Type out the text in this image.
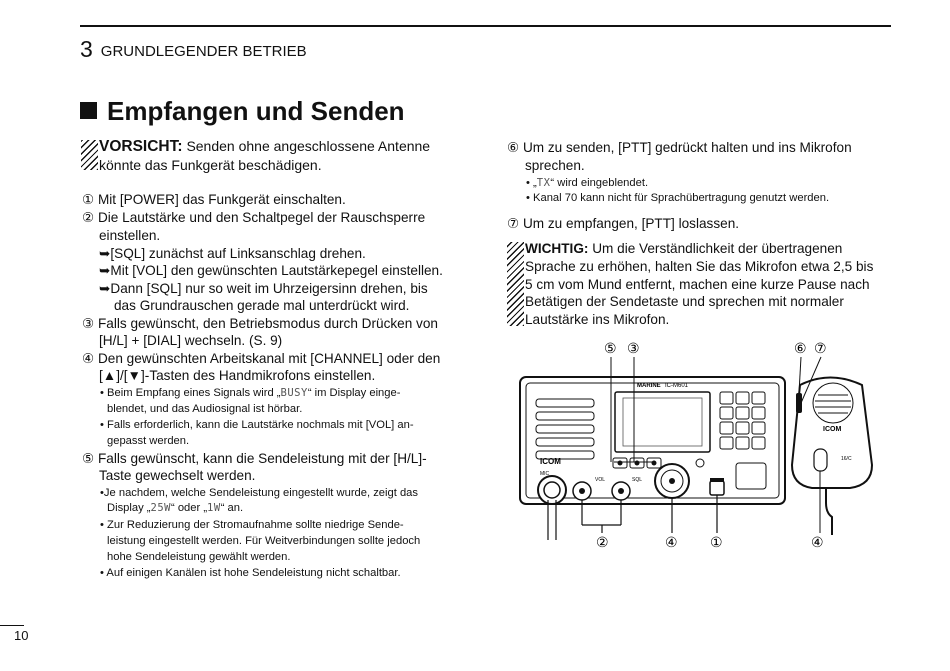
3 GRUNDLEGENDER BETRIEB
Empfangen und Senden
VORSICHT: Senden ohne angeschlossene Antenne
könnte das Funkgerät beschädigen.
① Mit [POWER] das Funkgerät einschalten.
② Die Lautstärke und den Schaltpegel der Rauschsperre
einstellen.
➥[SQL] zunächst auf Linksanschlag drehen.
➥Mit [VOL] den gewünschten Lautstärkepegel einstellen.
➥Dann [SQL] nur so weit im Uhrzeigersinn drehen, bis
das Grundrauschen gerade mal unterdrückt wird.
③ Falls gewünscht, den Betriebsmodus durch Drücken von
[H/L] + [DIAL] wechseln. (S. 9)
④ Den gewünschten Arbeitskanal mit [CHANNEL] oder den
[▲]/[▼]-Tasten des Handmikrofons einstellen.
• Beim Empfang eines Signals wird „BUSY“ im Display einge-
blendet, und das Audiosignal ist hörbar.
• Falls erforderlich, kann die Lautstärke nochmals mit [VOL] an-
gepasst werden.
⑤ Falls gewünscht, kann die Sendeleistung mit der [H/L]-
Taste gewechselt werden.
•Je nachdem, welche Sendeleistung eingestellt wurde, zeigt das
Display „25W“ oder „1W“ an.
• Zur Reduzierung der Stromaufnahme sollte niedrige Sende-
leistung eingestellt werden. Für Weitverbindungen sollte jedoch
hohe Sendeleistung gewählt werden.
• Auf einigen Kanälen ist hohe Sendeleistung nicht schaltbar.
⑥ Um zu senden, [PTT] gedrückt halten und ins Mikrofon
sprechen.
• „TX“ wird eingeblendet.
• Kanal 70 kann nicht für Sprachübertragung genutzt werden.
⑦ Um zu empfangen, [PTT] loslassen.
WICHTIG: Um die Verständlichkeit der übertragenen
Sprache zu erhöhen, halten Sie das Mikrofon etwa 2,5 bis
5 cm vom Mund entfernt, machen eine kurze Pause nach
Betätigen der Sendetaste und sprechen mit normaler
Lautstärke ins Mikrofon.
⑤ ③	⑥ ⑦
ICOM
MARINE IC-M601
MIC
VOL	SQL
②	④ ①
ICOM
16/C
④
10
